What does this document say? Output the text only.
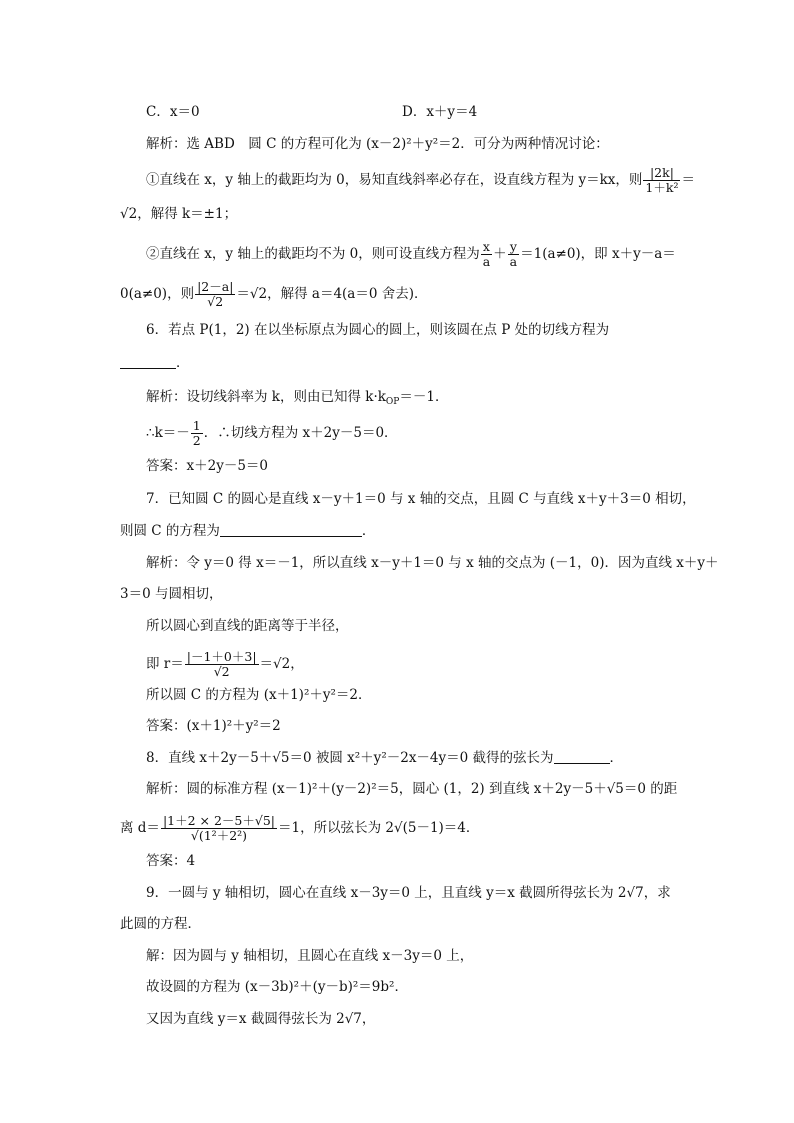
C．x＝0	D．x＋y＝4
解析：选 ABD　圆 C 的方程可化为 (x－2)²＋y²＝2．可分为两种情况讨论：
①直线在 x，y 轴上的截距均为 0，易知直线斜率必存在，设直线方程为 y＝kx，则 $\frac{|2k|}{\text{1＋k²}}$ ＝
√2，解得 k＝±1；
②直线在 x，y 轴上的截距均不为 0，则可设直线方程为 $\frac{x}{a} + \frac{y}{a} =1(a\ne 0)$，即 x＋y－a＝
0(a≠0)，则 $\frac{|2-a|}{√2} =√2$，解得 a＝4(a＝0 舍去)．
6．若点 P(1，2) 在以坐标原点为圆心的圆上，则该圆在点 P 处的切线方程为
．
解析：设切线斜率为 k，则由已知得 $k\cdot k_{OP}=-1$．
∴k＝－ $\frac{1}{2}$ ．∴切线方程为 x＋2y－5＝0．
答案：x＋2y－5＝0
7．已知圆 C 的圆心是直线 x－y＋1＝0 与 x 轴的交点，且圆 C 与直线 x＋y＋3＝0 相切，
则圆 C 的方程为	．
解析：令 y＝0 得 x＝－1，所以直线 x－y＋1＝0 与 x 轴的交点为 (－1，0)．因为直线 x＋y＋
3＝0 与圆相切，
所以圆心到直线的距离等于半径，
即 $r= \frac{|-1+0+3|}{√2} =√2$，
所以圆 C 的方程为 (x＋1)²＋y²＝2．
答案：(x＋1)²＋y²＝2
8．直线 x＋2y－5＋√5＝0 被圆 x²＋y²－2x－4y＝0 截得的弦长为	．
解析：圆的标准方程 (x－1)²＋(y－2)²＝5，圆心 (1，2) 到直线 x＋2y－5＋√5＝0 的距
离 $d= \frac{|1+2 \times 2-5+√5|}{\text{√(1²＋2²)}} =1$，所以弦长为 2√(5－1)＝4．
答案：4
9．一圆与 y 轴相切，圆心在直线 x－3y＝0 上，且直线 y＝x 截圆所得弦长为 2√7，求
此圆的方程．
解：因为圆与 y 轴相切，且圆心在直线 x－3y＝0 上，
故设圆的方程为 (x－3b)²＋(y－b)²＝9b²．
又因为直线 y＝x 截圆得弦长为 2√7，
